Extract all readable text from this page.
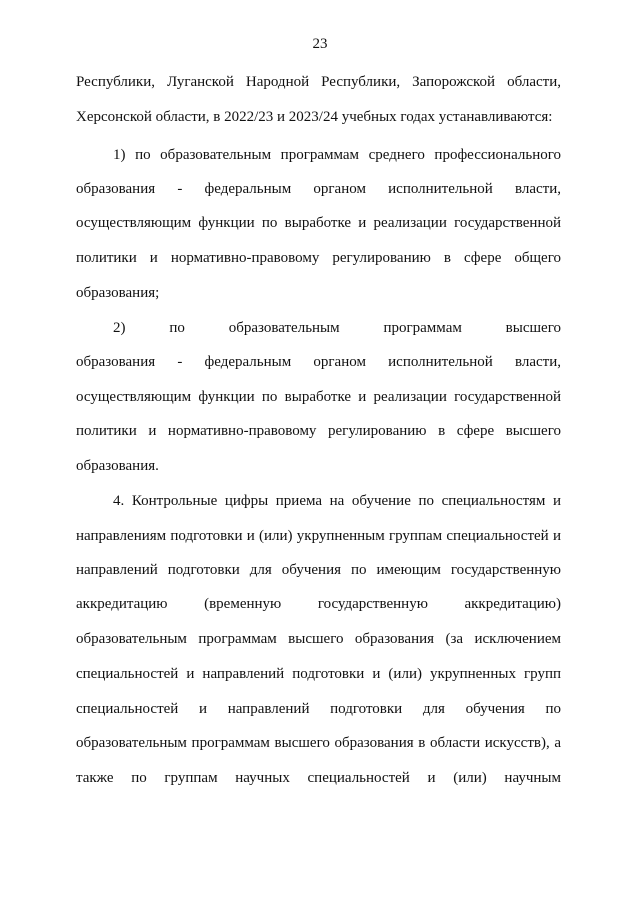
23
Республики, Луганской Народной Республики, Запорожской области,
Херсонской области, в 2022/23 и 2023/24 учебных годах устанавливаются:
1) по образовательным программам среднего профессионального
образования - федеральным органом исполнительной власти,
осуществляющим функции по выработке и реализации государственной
политики и нормативно-правовому регулированию в сфере общего
образования;
2) по образовательным программам высшего
образования - федеральным органом исполнительной власти,
осуществляющим функции по выработке и реализации государственной
политики и нормативно-правовому регулированию в сфере высшего
образования.
4. Контрольные цифры приема на обучение по специальностям и
направлениям подготовки и (или) укрупненным группам специальностей и
направлений подготовки для обучения по имеющим государственную
аккредитацию (временную государственную аккредитацию)
образовательным программам высшего образования (за исключением
специальностей и направлений подготовки и (или) укрупненных групп
специальностей и направлений подготовки для обучения по
образовательным программам высшего образования в области искусств), а
также по группам научных специальностей и (или) научным
